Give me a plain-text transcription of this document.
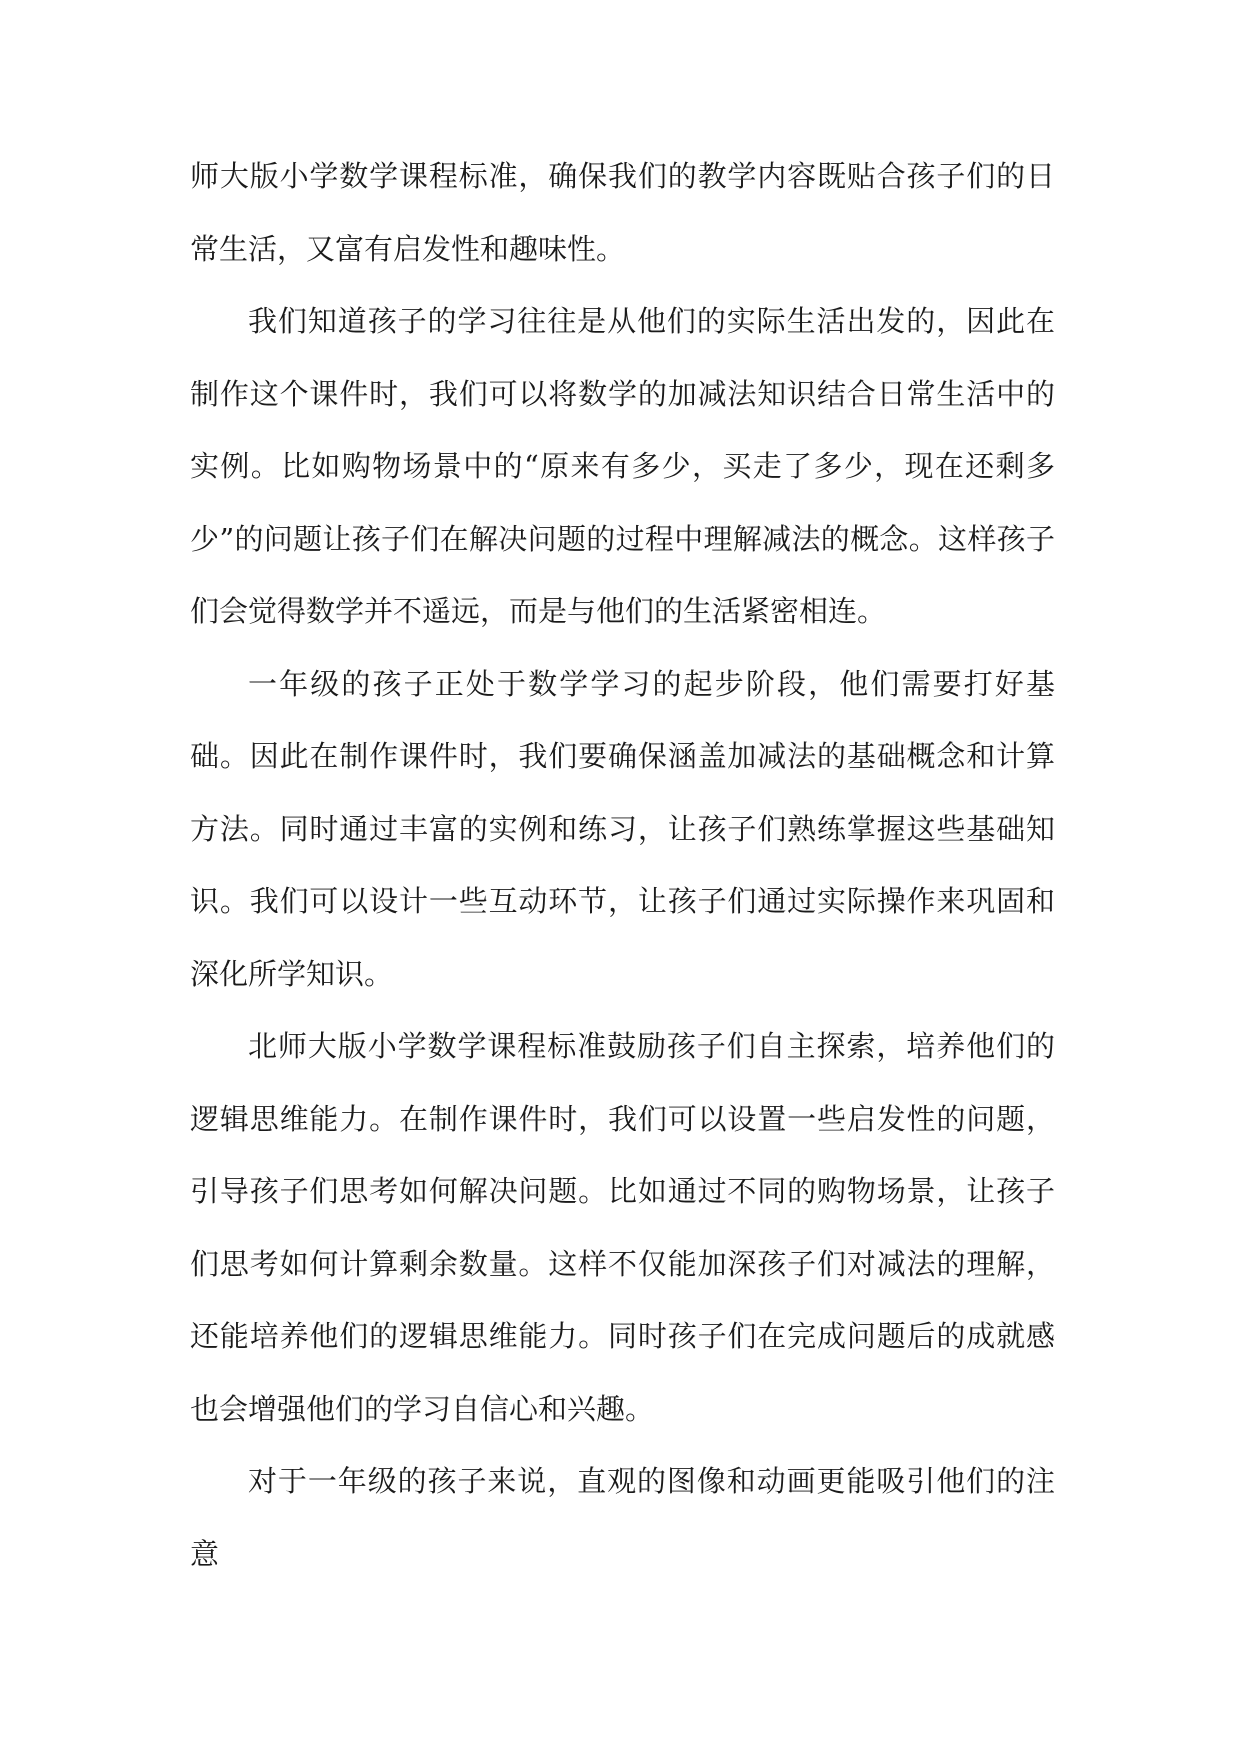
师大版小学数学课程标准，确保我们的教学内容既贴合孩子们的日常生活，又富有启发性和趣味性。

我们知道孩子的学习往往是从他们的实际生活出发的，因此在制作这个课件时，我们可以将数学的加减法知识结合日常生活中的实例。比如购物场景中的“原来有多少，买走了多少，现在还剩多少”的问题让孩子们在解决问题的过程中理解减法的概念。这样孩子们会觉得数学并不遥远，而是与他们的生活紧密相连。

一年级的孩子正处于数学学习的起步阶段，他们需要打好基础。因此在制作课件时，我们要确保涵盖加减法的基础概念和计算方法。同时通过丰富的实例和练习，让孩子们熟练掌握这些基础知识。我们可以设计一些互动环节，让孩子们通过实际操作来巩固和深化所学知识。

北师大版小学数学课程标准鼓励孩子们自主探索，培养他们的逻辑思维能力。在制作课件时，我们可以设置一些启发性的问题，引导孩子们思考如何解决问题。比如通过不同的购物场景，让孩子们思考如何计算剩余数量。这样不仅能加深孩子们对减法的理解，还能培养他们的逻辑思维能力。同时孩子们在完成问题后的成就感也会增强他们的学习自信心和兴趣。

对于一年级的孩子来说，直观的图像和动画更能吸引他们的注意
